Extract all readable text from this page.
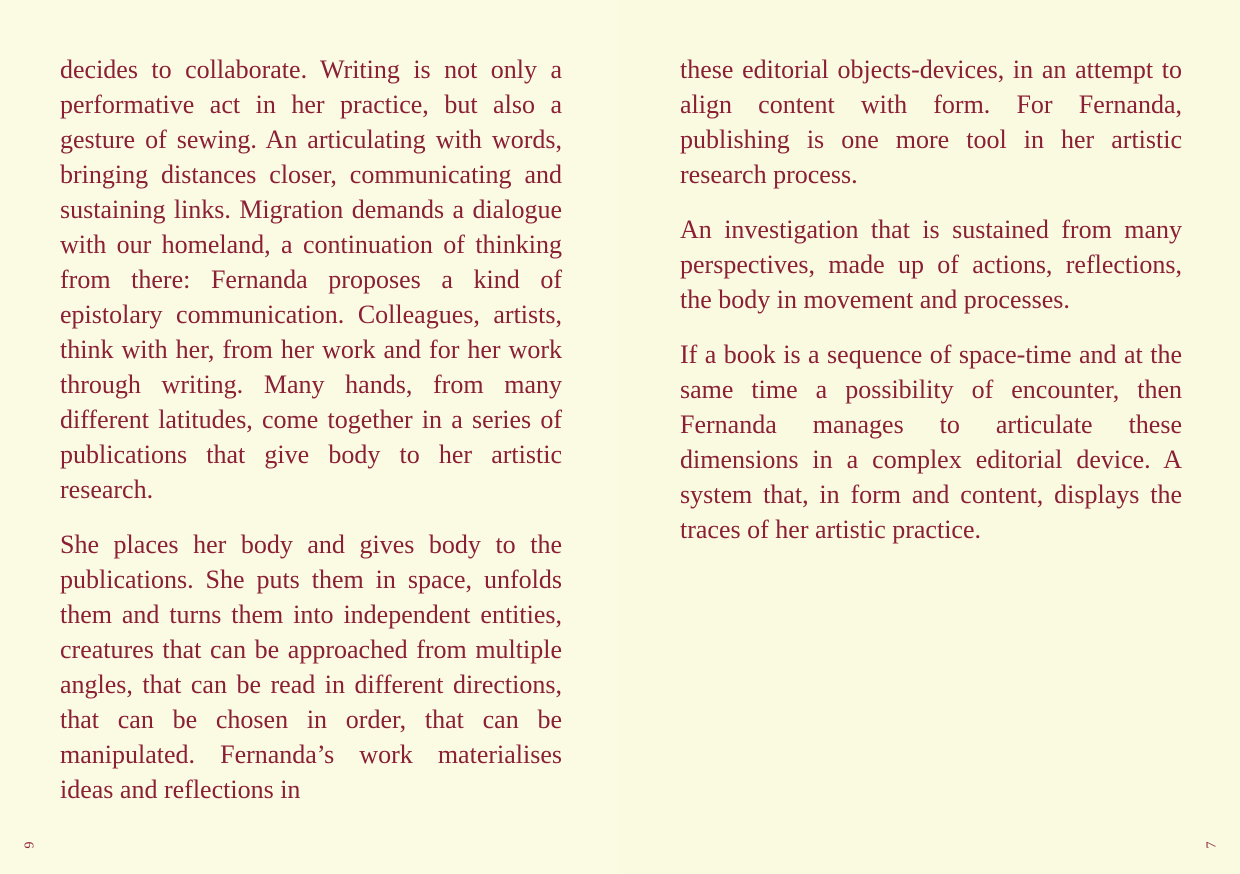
decides to collaborate. Writing is not only a performative act in her practice, but also a gesture of sewing. An articulating with words, bringing distances closer, communicating and sustaining links. Migration demands a dialogue with our homeland, a continuation of thinking from there: Fernanda proposes a kind of epistolary communication. Colleagues, artists, think with her, from her work and for her work through writing. Many hands, from many different latitudes, come together in a series of publications that give body to her artistic research.

She places her body and gives body to the publications. She puts them in space, unfolds them and turns them into independent entities, creatures that can be approached from multiple angles, that can be read in different directions, that can be chosen in order, that can be manipulated. Fernanda’s work materialises ideas and reflections in

6

these editorial objects-devices, in an attempt to align content with form. For Fernanda, publishing is one more tool in her artistic research process.

An investigation that is sustained from many perspectives, made up of actions, reflections, the body in movement and processes.

If a book is a sequence of space-time and at the same time a possibility of encounter, then Fernanda manages to articulate these dimensions in a complex editorial device. A system that, in form and content, displays the traces of her artistic practice.

7
